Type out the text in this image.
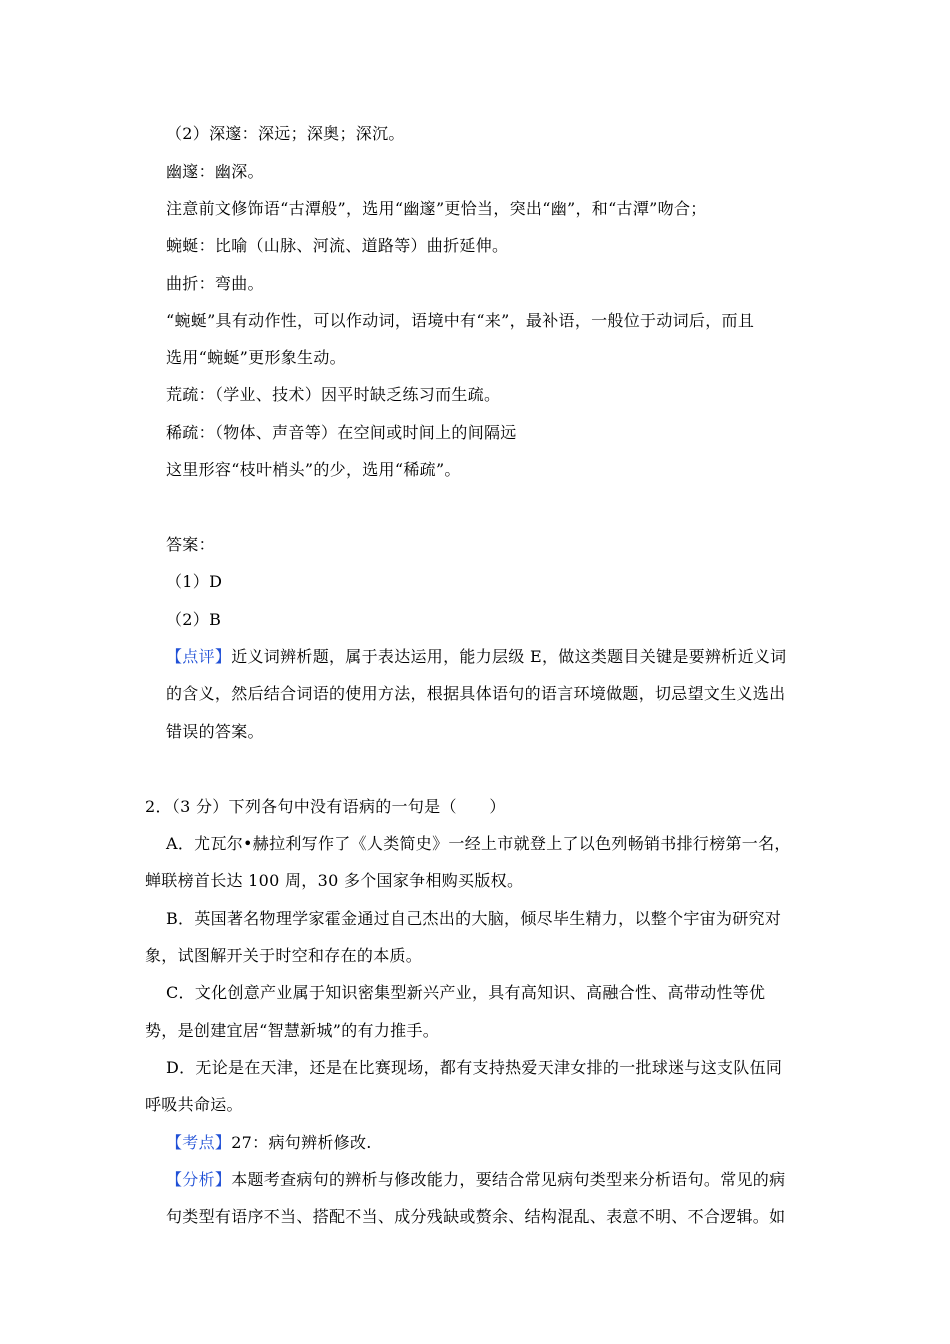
（2）深邃：深远；深奥；深沉。
幽邃：幽深。
注意前文修饰语“古潭般”，选用“幽邃”更恰当，突出“幽”，和“古潭”吻合；
蜿蜒：比喻（山脉、河流、道路等）曲折延伸。
曲折：弯曲。
“蜿蜒”具有动作性，可以作动词，语境中有“来”，最补语，一般位于动词后，而且
选用“蜿蜒”更形象生动。
荒疏：（学业、技术）因平时缺乏练习而生疏。
稀疏：（物体、声音等）在空间或时间上的间隔远
这里形容“枝叶梢头”的少，选用“稀疏”。
答案：
（1）D
（2）B
【点评】近义词辨析题，属于表达运用，能力层级 E，做这类题目关键是要辨析近义词
的含义，然后结合词语的使用方法，根据具体语句的语言环境做题，切忌望文生义选出
错误的答案。
2．（3 分）下列各句中没有语病的一句是（　　）
A．尤瓦尔•赫拉利写作了《人类简史》一经上市就登上了以色列畅销书排行榜第一名，
蝉联榜首长达 100 周，30 多个国家争相购买版权。
B．英国著名物理学家霍金通过自己杰出的大脑，倾尽毕生精力，以整个宇宙为研究对
象，试图解开关于时空和存在的本质。
C．文化创意产业属于知识密集型新兴产业，具有高知识、高融合性、高带动性等优
势，是创建宜居“智慧新城”的有力推手。
D．无论是在天津，还是在比赛现场，都有支持热爱天津女排的一批球迷与这支队伍同
呼吸共命运。
【考点】27：病句辨析修改.
【分析】本题考查病句的辨析与修改能力，要结合常见病句类型来分析语句。常见的病
句类型有语序不当、搭配不当、成分残缺或赘余、结构混乱、表意不明、不合逻辑。如
